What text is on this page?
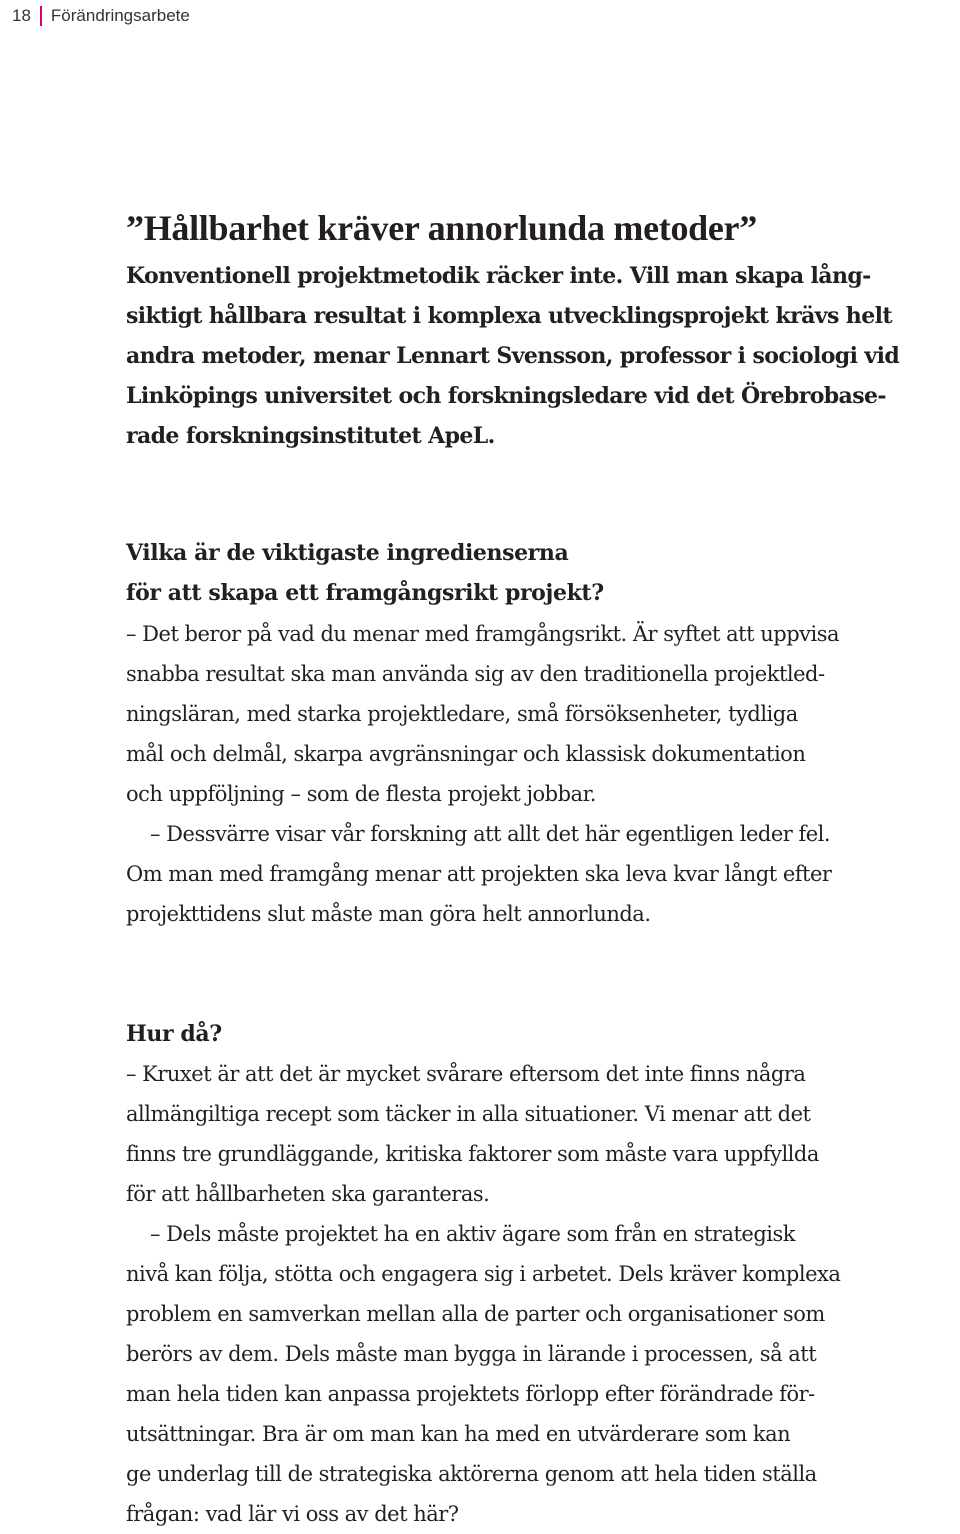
18 Förändringsarbete
”Hållbarhet kräver annorlunda metoder”

Konventionell projektmetodik räcker inte. Vill man skapa lång-
siktigt hållbara resultat i komplexa utvecklingsprojekt krävs helt
andra metoder, menar Lennart Svensson, professor i sociologi vid
Linköpings universitet och forskningsledare vid det Örebrobase-
rade forskningsinstitutet ApeL.

Vilka är de viktigaste ingredienserna
för att skapa ett framgångsrikt projekt?

– Det beror på vad du menar med framgångsrikt. Är syftet att uppvisa
snabba resultat ska man använda sig av den traditionella projektled-
ningsläran, med starka projektledare, små försöksenheter, tydliga
mål och delmål, skarpa avgränsningar och klassisk dokumentation
och uppföljning – som de flesta projekt jobbar.
– Dessvärre visar vår forskning att allt det här egentligen leder fel.
Om man med framgång menar att projekten ska leva kvar långt efter
projekttidens slut måste man göra helt annorlunda.

Hur då?

– Kruxet är att det är mycket svårare eftersom det inte finns några
allmängiltiga recept som täcker in alla situationer. Vi menar att det
finns tre grundläggande, kritiska faktorer som måste vara uppfyllda
för att hållbarheten ska garanteras.
– Dels måste projektet ha en aktiv ägare som från en strategisk
nivå kan följa, stötta och engagera sig i arbetet. Dels kräver komplexa
problem en samverkan mellan alla de parter och organisationer som
berörs av dem. Dels måste man bygga in lärande i processen, så att
man hela tiden kan anpassa projektets förlopp efter förändrade för-
utsättningar. Bra är om man kan ha med en utvärderare som kan
ge underlag till de strategiska aktörerna genom att hela tiden ställa
frågan: vad lär vi oss av det här?
